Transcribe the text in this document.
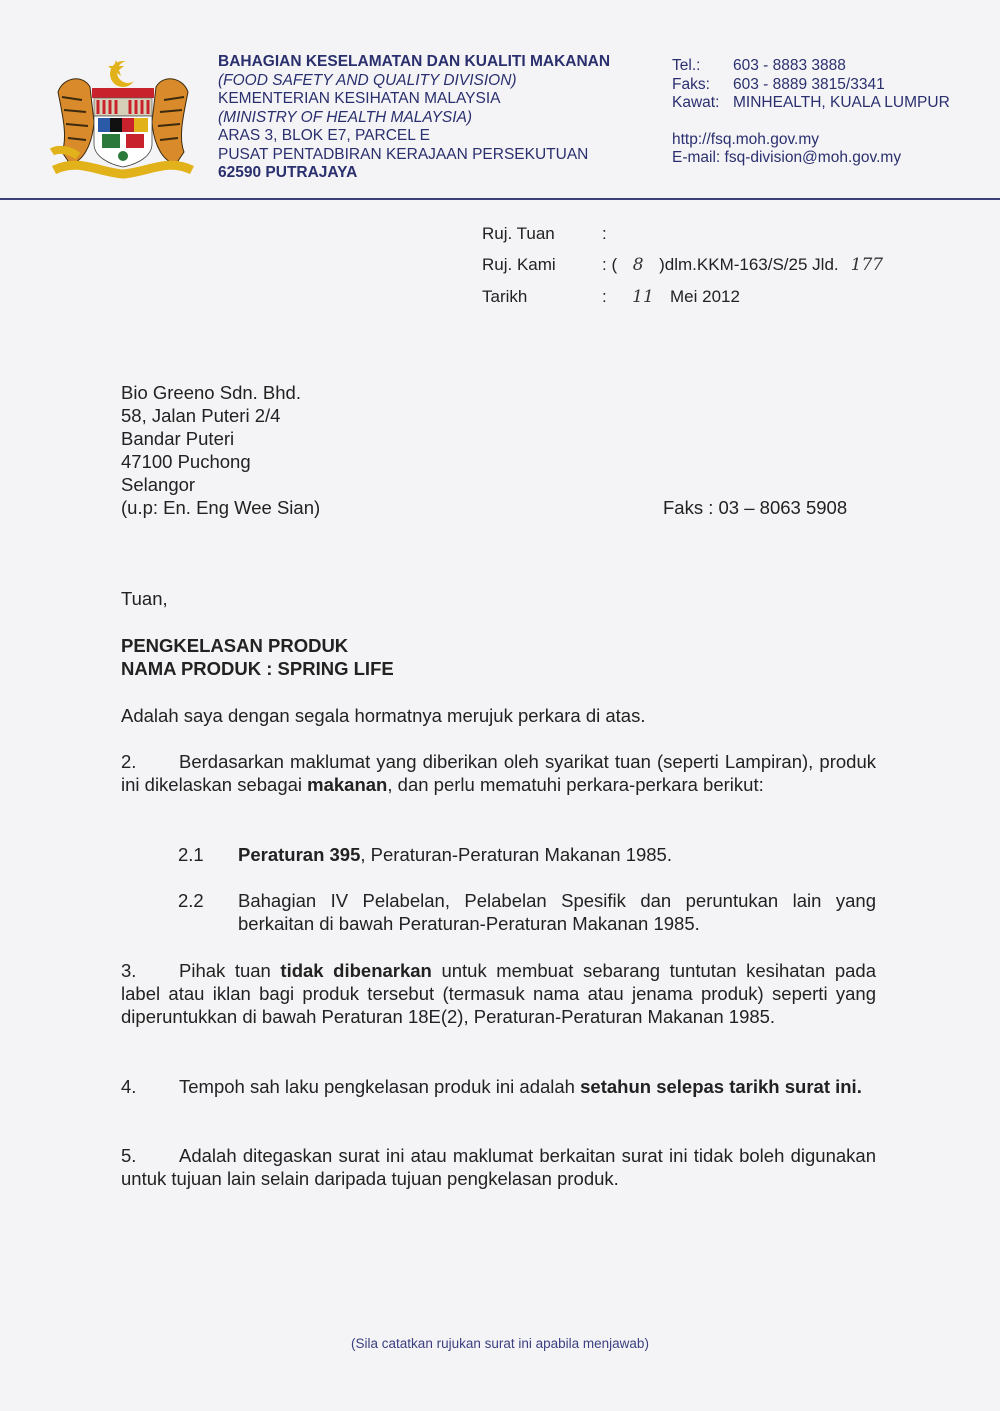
BAHAGIAN KESELAMATAN DAN KUALITI MAKANAN
(FOOD SAFETY AND QUALITY DIVISION)
KEMENTERIAN KESIHATAN MALAYSIA
(MINISTRY OF HEALTH MALAYSIA)
ARAS 3, BLOK E7, PARCEL E
PUSAT PENTADBIRAN KERAJAAN PERSEKUTUAN
62590 PUTRAJAYA
Tel.: 603 - 8883 3888
Faks: 603 - 8889 3815/3341
Kawat: MINHEALTH, KUALA LUMPUR
http://fsq.moh.gov.my
E-mail: fsq-division@moh.gov.my
Ruj. Tuan	:
Ruj. Kami	: ( 8 )dlm.KKM-163/S/25 Jld. 177
Tarikh	: 11 Mei 2012
Bio Greeno Sdn. Bhd.
58, Jalan Puteri 2/4
Bandar Puteri
47100 Puchong
Selangor
(u.p: En. Eng Wee Sian)	Faks : 03 – 8063 5908
Tuan,
PENGKELASAN PRODUK
NAMA PRODUK : SPRING LIFE
Adalah saya dengan segala hormatnya merujuk perkara di atas.
2. Berdasarkan maklumat yang diberikan oleh syarikat tuan (seperti Lampiran), produk ini dikelaskan sebagai makanan, dan perlu mematuhi perkara-perkara berikut:
2.1 Peraturan 395, Peraturan-Peraturan Makanan 1985.
2.2 Bahagian IV Pelabelan, Pelabelan Spesifik dan peruntukan lain yang berkaitan di bawah Peraturan-Peraturan Makanan 1985.
3. Pihak tuan tidak dibenarkan untuk membuat sebarang tuntutan kesihatan pada label atau iklan bagi produk tersebut (termasuk nama atau jenama produk) seperti yang diperuntukkan di bawah Peraturan 18E(2), Peraturan-Peraturan Makanan 1985.
4. Tempoh sah laku pengkelasan produk ini adalah setahun selepas tarikh surat ini.
5. Adalah ditegaskan surat ini atau maklumat berkaitan surat ini tidak boleh digunakan untuk tujuan lain selain daripada tujuan pengkelasan produk.
(Sila catatkan rujukan surat ini apabila menjawab)
